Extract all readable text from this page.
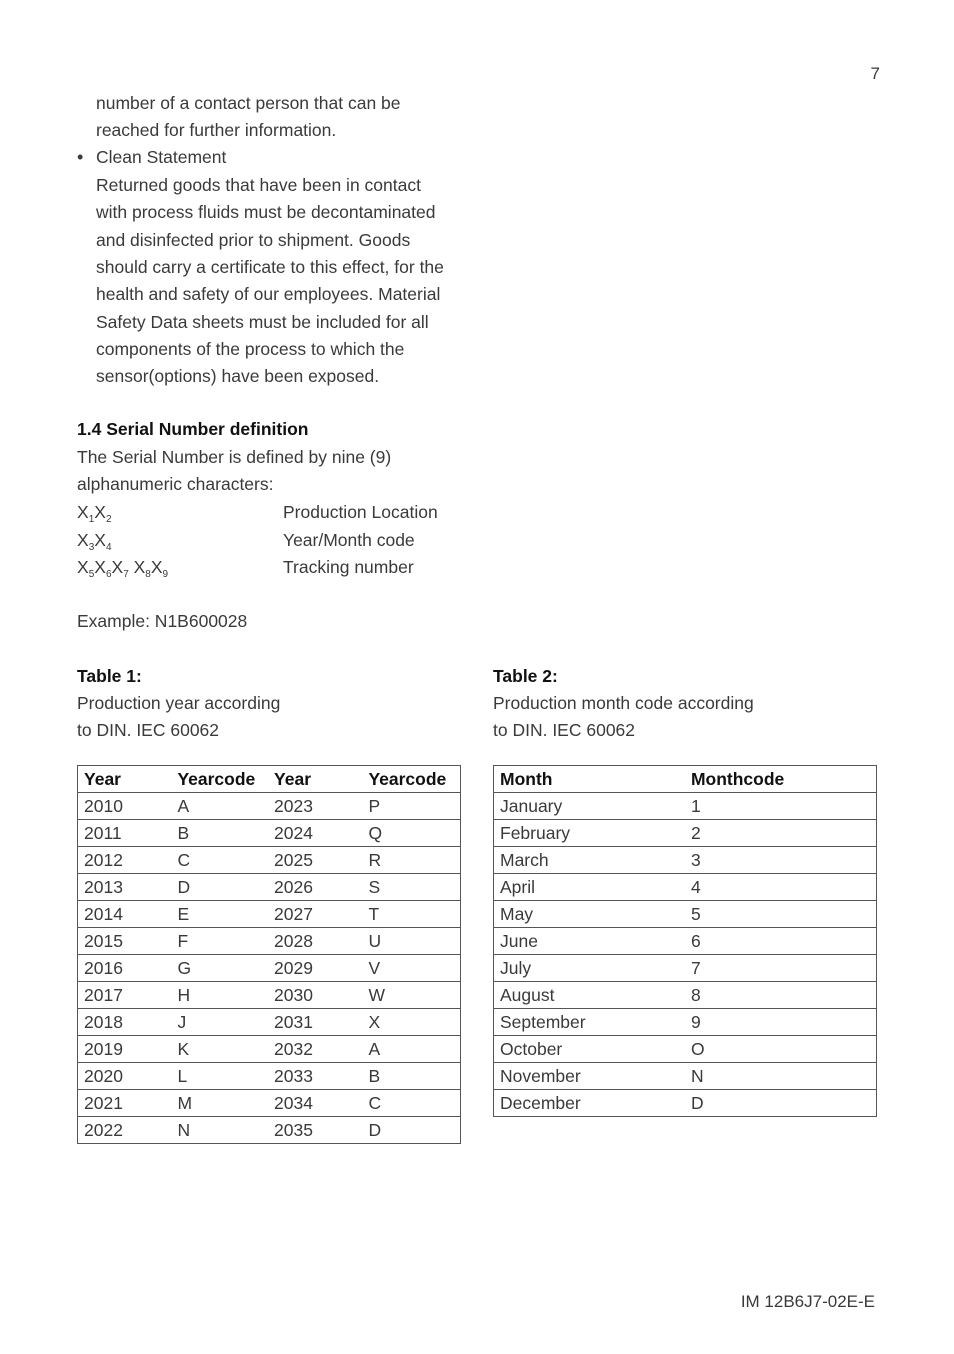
7
number of a contact person that can be
reached for further information.
• Clean Statement
Returned goods that have been in contact
with process fluids must be decontaminated
and disinfected prior to shipment. Goods
should carry a certificate to this effect, for the
health and safety of our employees. Material
Safety Data sheets must be included for all
components of the process to which the
sensor(options) have been exposed.
1.4 Serial Number definition
The Serial Number is defined by nine (9)
alphanumeric characters:
$X_1X_2$	Production Location
$X_3X_4$	Year/Month code
$X_5X_6X_7$ $X_8X_9$	Tracking number
Example: N1B600028
Table 1:
Production year according
to DIN. IEC 60062
Table 2:
Production month code according
to DIN. IEC 60062
Year	Yearcode	Year	Yearcode
2010	A	2023	P
2011	B	2024	Q
2012	C	2025	R
2013	D	2026	S
2014	E	2027	T
2015	F	2028	U
2016	G	2029	V
2017	H	2030	W
2018	J	2031	X
2019	K	2032	A
2020	L	2033	B
2021	M	2034	C
2022	N	2035	D
Month	Monthcode
January	1
February	2
March	3
April	4
May	5
June	6
July	7
August	8
September	9
October	O
November	N
December	D
IM 12B6J7-02E-E
